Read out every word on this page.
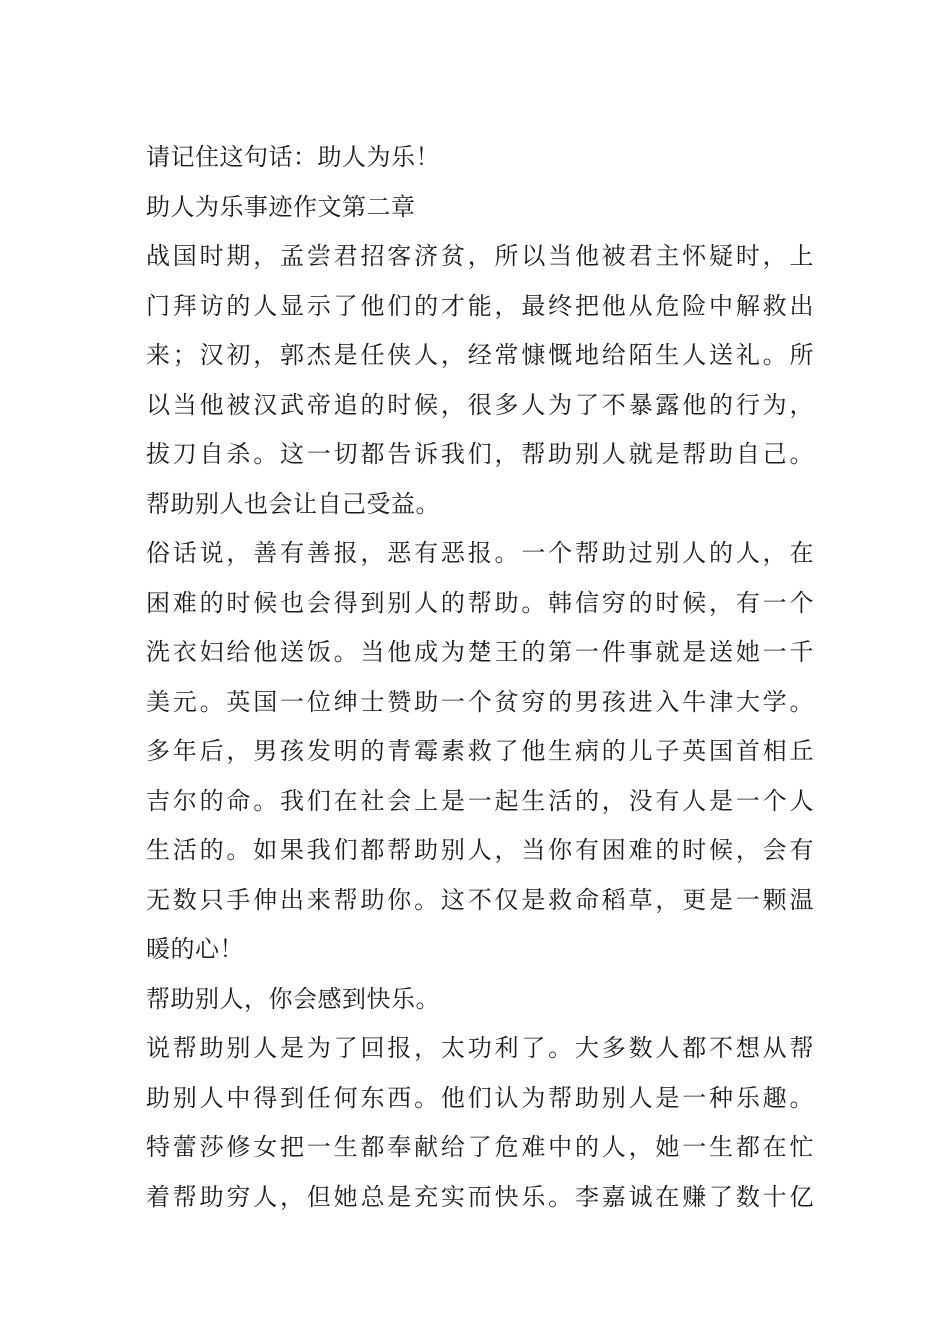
请记住这句话：助人为乐！
助人为乐事迹作文第二章
战国时期，孟尝君招客济贫，所以当他被君主怀疑时，上
门拜访的人显示了他们的才能，最终把他从危险中解救出
来；汉初，郭杰是任侠人，经常慷慨地给陌生人送礼。所
以当他被汉武帝追的时候，很多人为了不暴露他的行为，
拔刀自杀。这一切都告诉我们，帮助别人就是帮助自己。
帮助别人也会让自己受益。
俗话说，善有善报，恶有恶报。一个帮助过别人的人，在
困难的时候也会得到别人的帮助。韩信穷的时候，有一个
洗衣妇给他送饭。当他成为楚王的第一件事就是送她一千
美元。英国一位绅士赞助一个贫穷的男孩进入牛津大学。
多年后，男孩发明的青霉素救了他生病的儿子英国首相丘
吉尔的命。我们在社会上是一起生活的，没有人是一个人
生活的。如果我们都帮助别人，当你有困难的时候，会有
无数只手伸出来帮助你。这不仅是救命稻草，更是一颗温
暖的心！
帮助别人，你会感到快乐。
说帮助别人是为了回报，太功利了。大多数人都不想从帮
助别人中得到任何东西。他们认为帮助别人是一种乐趣。
特蕾莎修女把一生都奉献给了危难中的人，她一生都在忙
着帮助穷人，但她总是充实而快乐。李嘉诚在赚了数十亿
